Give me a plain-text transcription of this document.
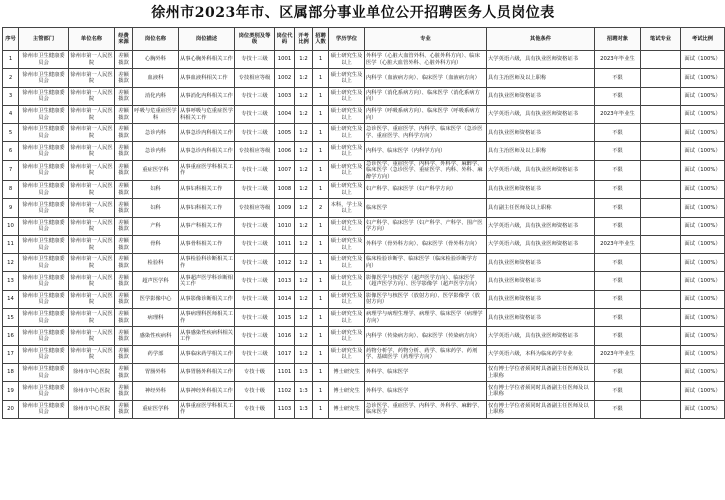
徐州市2023年市、区属部分事业单位公开招聘医务人员岗位表
序号	主管部门	单位名称	经费来源	岗位名称	岗位描述	岗位类别及等级	岗位代码	开考比例	招聘人数	学历学位	专业	其他条件	招聘对象	笔试专业	考试比例
1	徐州市卫生健康委员会	徐州市第一人民医院	差额拨款	心胸外科	从事心胸外科相关工作	专技十三级	1001	1:2	1	硕士研究生及以上	外科学（心脏大血管外科、心脏外科方向）、临床医学（心脏大血管外科、心脏外科方向）	大学英语六级，具有执业医师资格证书	2023年毕业生		面试（100%）
2	徐州市卫生健康委员会	徐州市第一人民医院	差额拨款	血液科	从事血液科相关工作	专技相应等级	1002	1:2	1	硕士研究生及以上	内科学（血液病方向）、临床医学（血液病方向）	具有主治医师及以上职称	不限		面试（100%）
3	徐州市卫生健康委员会	徐州市第一人民医院	差额拨款	消化内科	从事消化内科相关工作	专技十三级	1003	1:2	1	硕士研究生及以上	内科学（消化系病方向）、临床医学（消化系病方向）	具有执业医师资格证书	不限		面试（100%）
4	徐州市卫生健康委员会	徐州市第一人民医院	差额拨款	呼吸与危重症医学科	从事呼吸与危重症医学科相关工作	专技十三级	1004	1:2	1	硕士研究生及以上	内科学（呼吸系病方向）、临床医学（呼吸系病方向）	大学英语六级，具有执业医师资格证书	2023年毕业生		面试（100%）
5	徐州市卫生健康委员会	徐州市第一人民医院	差额拨款	急诊内科	从事急诊内科相关工作	专技十三级	1005	1:2	1	硕士研究生及以上	急诊医学、重症医学、内科学、临床医学（急诊医学、重症医学、内科学方向）	具有执业医师资格证书	不限		面试（100%）
6	徐州市卫生健康委员会	徐州市第一人民医院	差额拨款	急诊内科	从事急诊内科相关工作	专技相应等级	1006	1:2	1	硕士研究生及以上	内科学、临床医学（内科学方向）	具有主治医师及以上职称	不限		面试（100%）
7	徐州市卫生健康委员会	徐州市第一人民医院	差额拨款	重症医学科	从事重症医学科相关工作	专技十三级	1007	1:2	1	硕士研究生及以上	急诊医学、重症医学、内科学、外科学、麻醉学、临床医学（急诊医学、重症医学、内科、外科、麻醉学方向）	大学英语六级，具有执业医师资格证书	不限		面试（100%）
8	徐州市卫生健康委员会	徐州市第一人民医院	差额拨款	妇科	从事妇科相关工作	专技十三级	1008	1:2	1	硕士研究生及以上	妇产科学、临床医学（妇产科学方向）	具有执业医师资格证书	不限		面试（100%）
9	徐州市卫生健康委员会	徐州市第一人民医院	差额拨款	妇科	从事妇科相关工作	专技相应等级	1009	1:2	2	本科，学士及以上	临床医学	具有副主任医师及以上职称	不限		面试（100%）
10	徐州市卫生健康委员会	徐州市第一人民医院	差额拨款	产科	从事产科相关工作	专技十三级	1010	1:2	1	硕士研究生及以上	妇产科学、临床医学（妇产科学、产科学、围产医学方向）	大学英语六级，具有执业医师资格证书	不限		面试（100%）
11	徐州市卫生健康委员会	徐州市第一人民医院	差额拨款	骨科	从事骨科相关工作	专技十三级	1011	1:2	1	硕士研究生及以上	外科学（骨外科方向）、临床医学（骨外科方向）	大学英语六级，具有执业医师资格证书	2023年毕业生		面试（100%）
12	徐州市卫生健康委员会	徐州市第一人民医院	差额拨款	检验科	从事检验科诊断相关工作	专技十三级	1012	1:2	1	硕士研究生及以上	临床检验诊断学、临床医学（临床检验诊断学方向）	具有执业医师资格证书	不限		面试（100%）
13	徐州市卫生健康委员会	徐州市第一人民医院	差额拨款	超声医学科	从事超声医学科诊断相关工作	专技十三级	1013	1:2	1	硕士研究生及以上	影像医学与核医学（超声医学方向）、临床医学（超声医学方向）、医学影像学（超声医学方向）	具有执业医师资格证书	不限		面试（100%）
14	徐州市卫生健康委员会	徐州市第一人民医院	差额拨款	医学影像中心	从事影像诊断相关工作	专技十三级	1014	1:2	1	硕士研究生及以上	影像医学与核医学（放射方向）、医学影像学（放射方向）	具有执业医师资格证书	不限		面试（100%）
15	徐州市卫生健康委员会	徐州市第一人民医院	差额拨款	病理科	从事病理科医师相关工作	专技十三级	1015	1:2	1	硕士研究生及以上	病理学与病理生理学、病理学、临床医学（病理学方向）	具有执业医师资格证书	不限		面试（100%）
16	徐州市卫生健康委员会	徐州市第一人民医院	差额拨款	感染性疾病科	从事感染性疾病科相关工作	专技十三级	1016	1:2	1	硕士研究生及以上	内科学（传染病方向）、临床医学（传染病方向）	大学英语六级，具有执业医师资格证书	不限		面试（100%）
17	徐州市卫生健康委员会	徐州市第一人民医院	差额拨款	药学部	从事临床药学相关工作	专技十三级	1017	1:2	1	硕士研究生及以上	药物分析学、药物分析、药学、临床药学、药剂学、基础医学（药理学方向）	大学英语六级，本科为临床药学专业	2023年毕业生		面试（100%）
18	徐州市卫生健康委员会	徐州市中心医院	差额拨款	胃肠外科	从事胃肠外科相关工作	专技十级	1101	1:3	1	博士研究生	外科学、临床医学	仅有博士学位者须同时具备副主任医师及以上职称	不限		面试（100%）
19	徐州市卫生健康委员会	徐州市中心医院	差额拨款	神经外科	从事神经外科相关工作	专技十级	1102	1:3	1	博士研究生	外科学、临床医学	仅有博士学位者须同时具备副主任医师及以上职称	不限		面试（100%）
20	徐州市卫生健康委员会	徐州市中心医院	差额拨款	重症医学科	从事重症医学科相关工作	专技十级	1103	1:3	1	博士研究生	急诊医学、重症医学、内科学、外科学、麻醉学、临床医学	仅有博士学位者须同时具备副主任医师及以上职称	不限		面试（100%）
